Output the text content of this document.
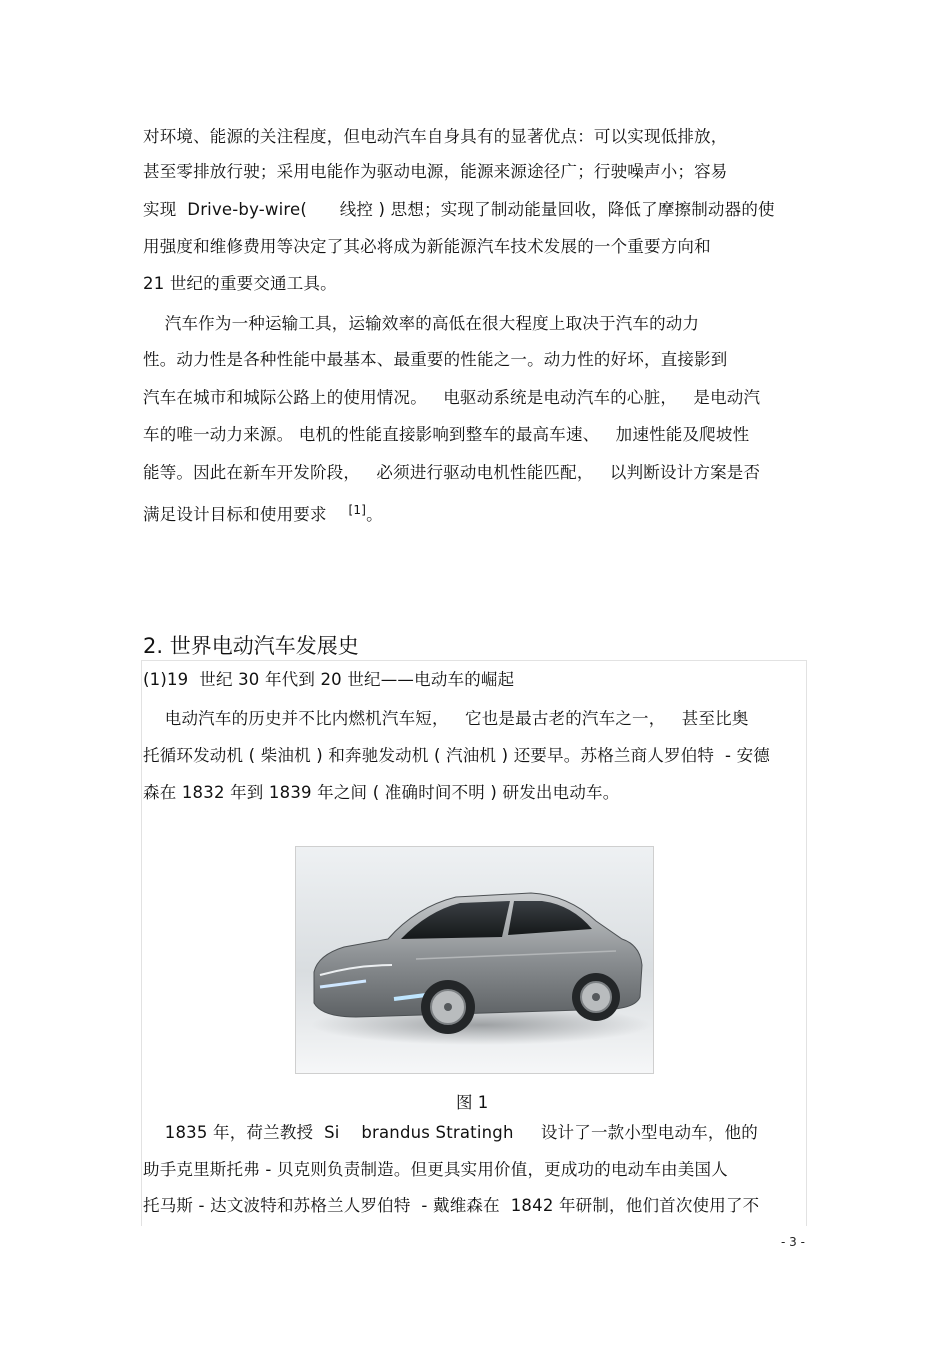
对环境、能源的关注程度，但电动汽车自身具有的显著优点：可以实现低排放，
甚至零排放行驶；采用电能作为驱动电源，能源来源途径广；行驶噪声小；容易
实现  Drive-by-wire(      线控 ) 思想；实现了制动能量回收，降低了摩擦制动器的使
用强度和维修费用等决定了其必将成为新能源汽车技术发展的一个重要方向和
21 世纪的重要交通工具。
汽车作为一种运输工具，运输效率的高低在很大程度上取决于汽车的动力
性。动力性是各种性能中最基本、最重要的性能之一。动力性的好坏，直接影到
汽车在城市和城际公路上的使用情况。   电驱动系统是电动汽车的心脏，   是电动汽
车的唯一动力来源。 电机的性能直接影响到整车的最高车速、   加速性能及爬坡性
能等。因此在新车开发阶段，   必须进行驱动电机性能匹配，   以判断设计方案是否
满足设计目标和使用要求 [1]。
2. 世界电动汽车发展史
(1)19  世纪 30 年代到 20 世纪——电动车的崛起
电动汽车的历史并不比内燃机汽车短，   它也是最古老的汽车之一，   甚至比奥
托循环发动机 ( 柴油机 ) 和奔驰发动机 ( 汽油机 ) 还要早。苏格兰商人罗伯特  - 安德
森在 1832 年到 1839 年之间 ( 准确时间不明 ) 研发出电动车。
图 1
1835 年，荷兰教授  Si    brandus Stratingh     设计了一款小型电动车，他的
助手克里斯托弗 - 贝克则负责制造。但更具实用价值，更成功的电动车由美国人
托马斯 - 达文波特和苏格兰人罗伯特  - 戴维森在  1842 年研制，他们首次使用了不
- 3 -
